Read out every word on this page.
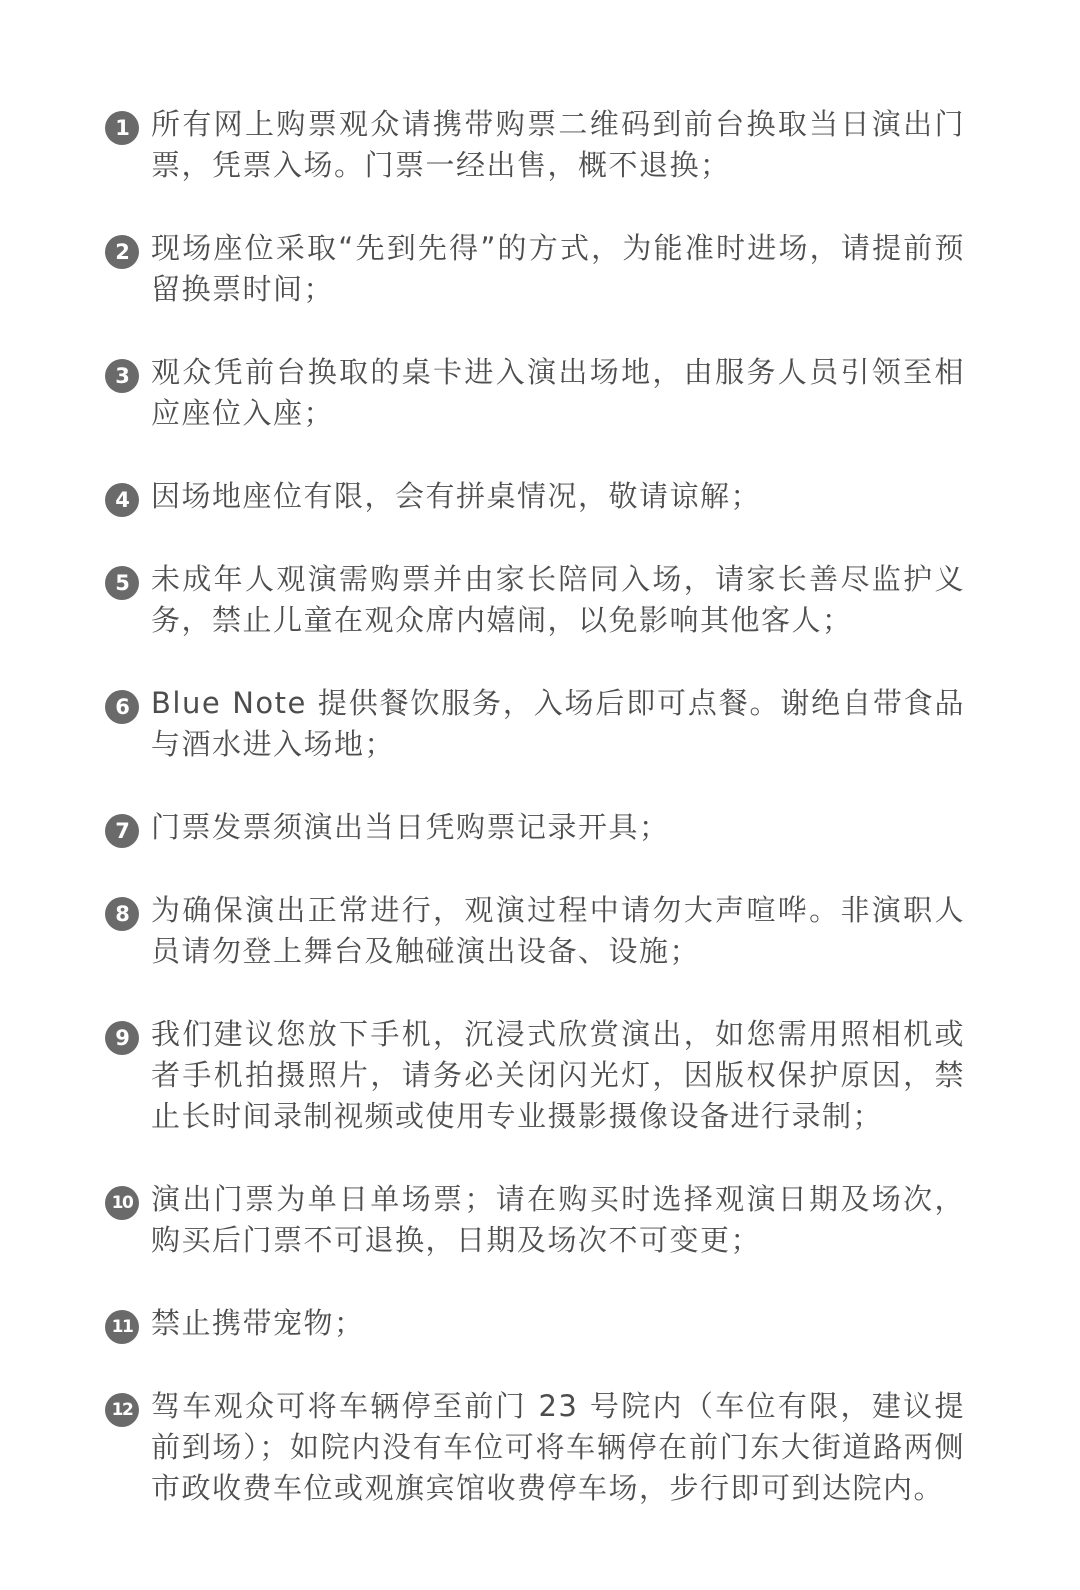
1 所有网上购票观众请携带购票二维码到前台换取当日演出门票，凭票入场。门票一经出售，概不退换；
2 现场座位采取“先到先得”的方式，为能准时进场，请提前预留换票时间；
3 观众凭前台换取的桌卡进入演出场地，由服务人员引领至相应座位入座；
4 因场地座位有限，会有拼桌情况，敬请谅解；
5 未成年人观演需购票并由家长陪同入场，请家长善尽监护义务，禁止儿童在观众席内嬉闹，以免影响其他客人；
6 Blue Note 提供餐饮服务，入场后即可点餐。谢绝自带食品与酒水进入场地；
7 门票发票须演出当日凭购票记录开具；
8 为确保演出正常进行，观演过程中请勿大声喧哗。非演职人员请勿登上舞台及触碰演出设备、设施；
9 我们建议您放下手机，沉浸式欣赏演出，如您需用照相机或者手机拍摄照片，请务必关闭闪光灯，因版权保护原因，禁止长时间录制视频或使用专业摄影摄像设备进行录制；
10 演出门票为单日单场票；请在购买时选择观演日期及场次，购买后门票不可退换，日期及场次不可变更；
11 禁止携带宠物；
12 驾车观众可将车辆停至前门 23 号院内（车位有限，建议提前到场）；如院内没有车位可将车辆停在前门东大街道路两侧市政收费车位或观旗宾馆收费停车场，步行即可到达院内。
